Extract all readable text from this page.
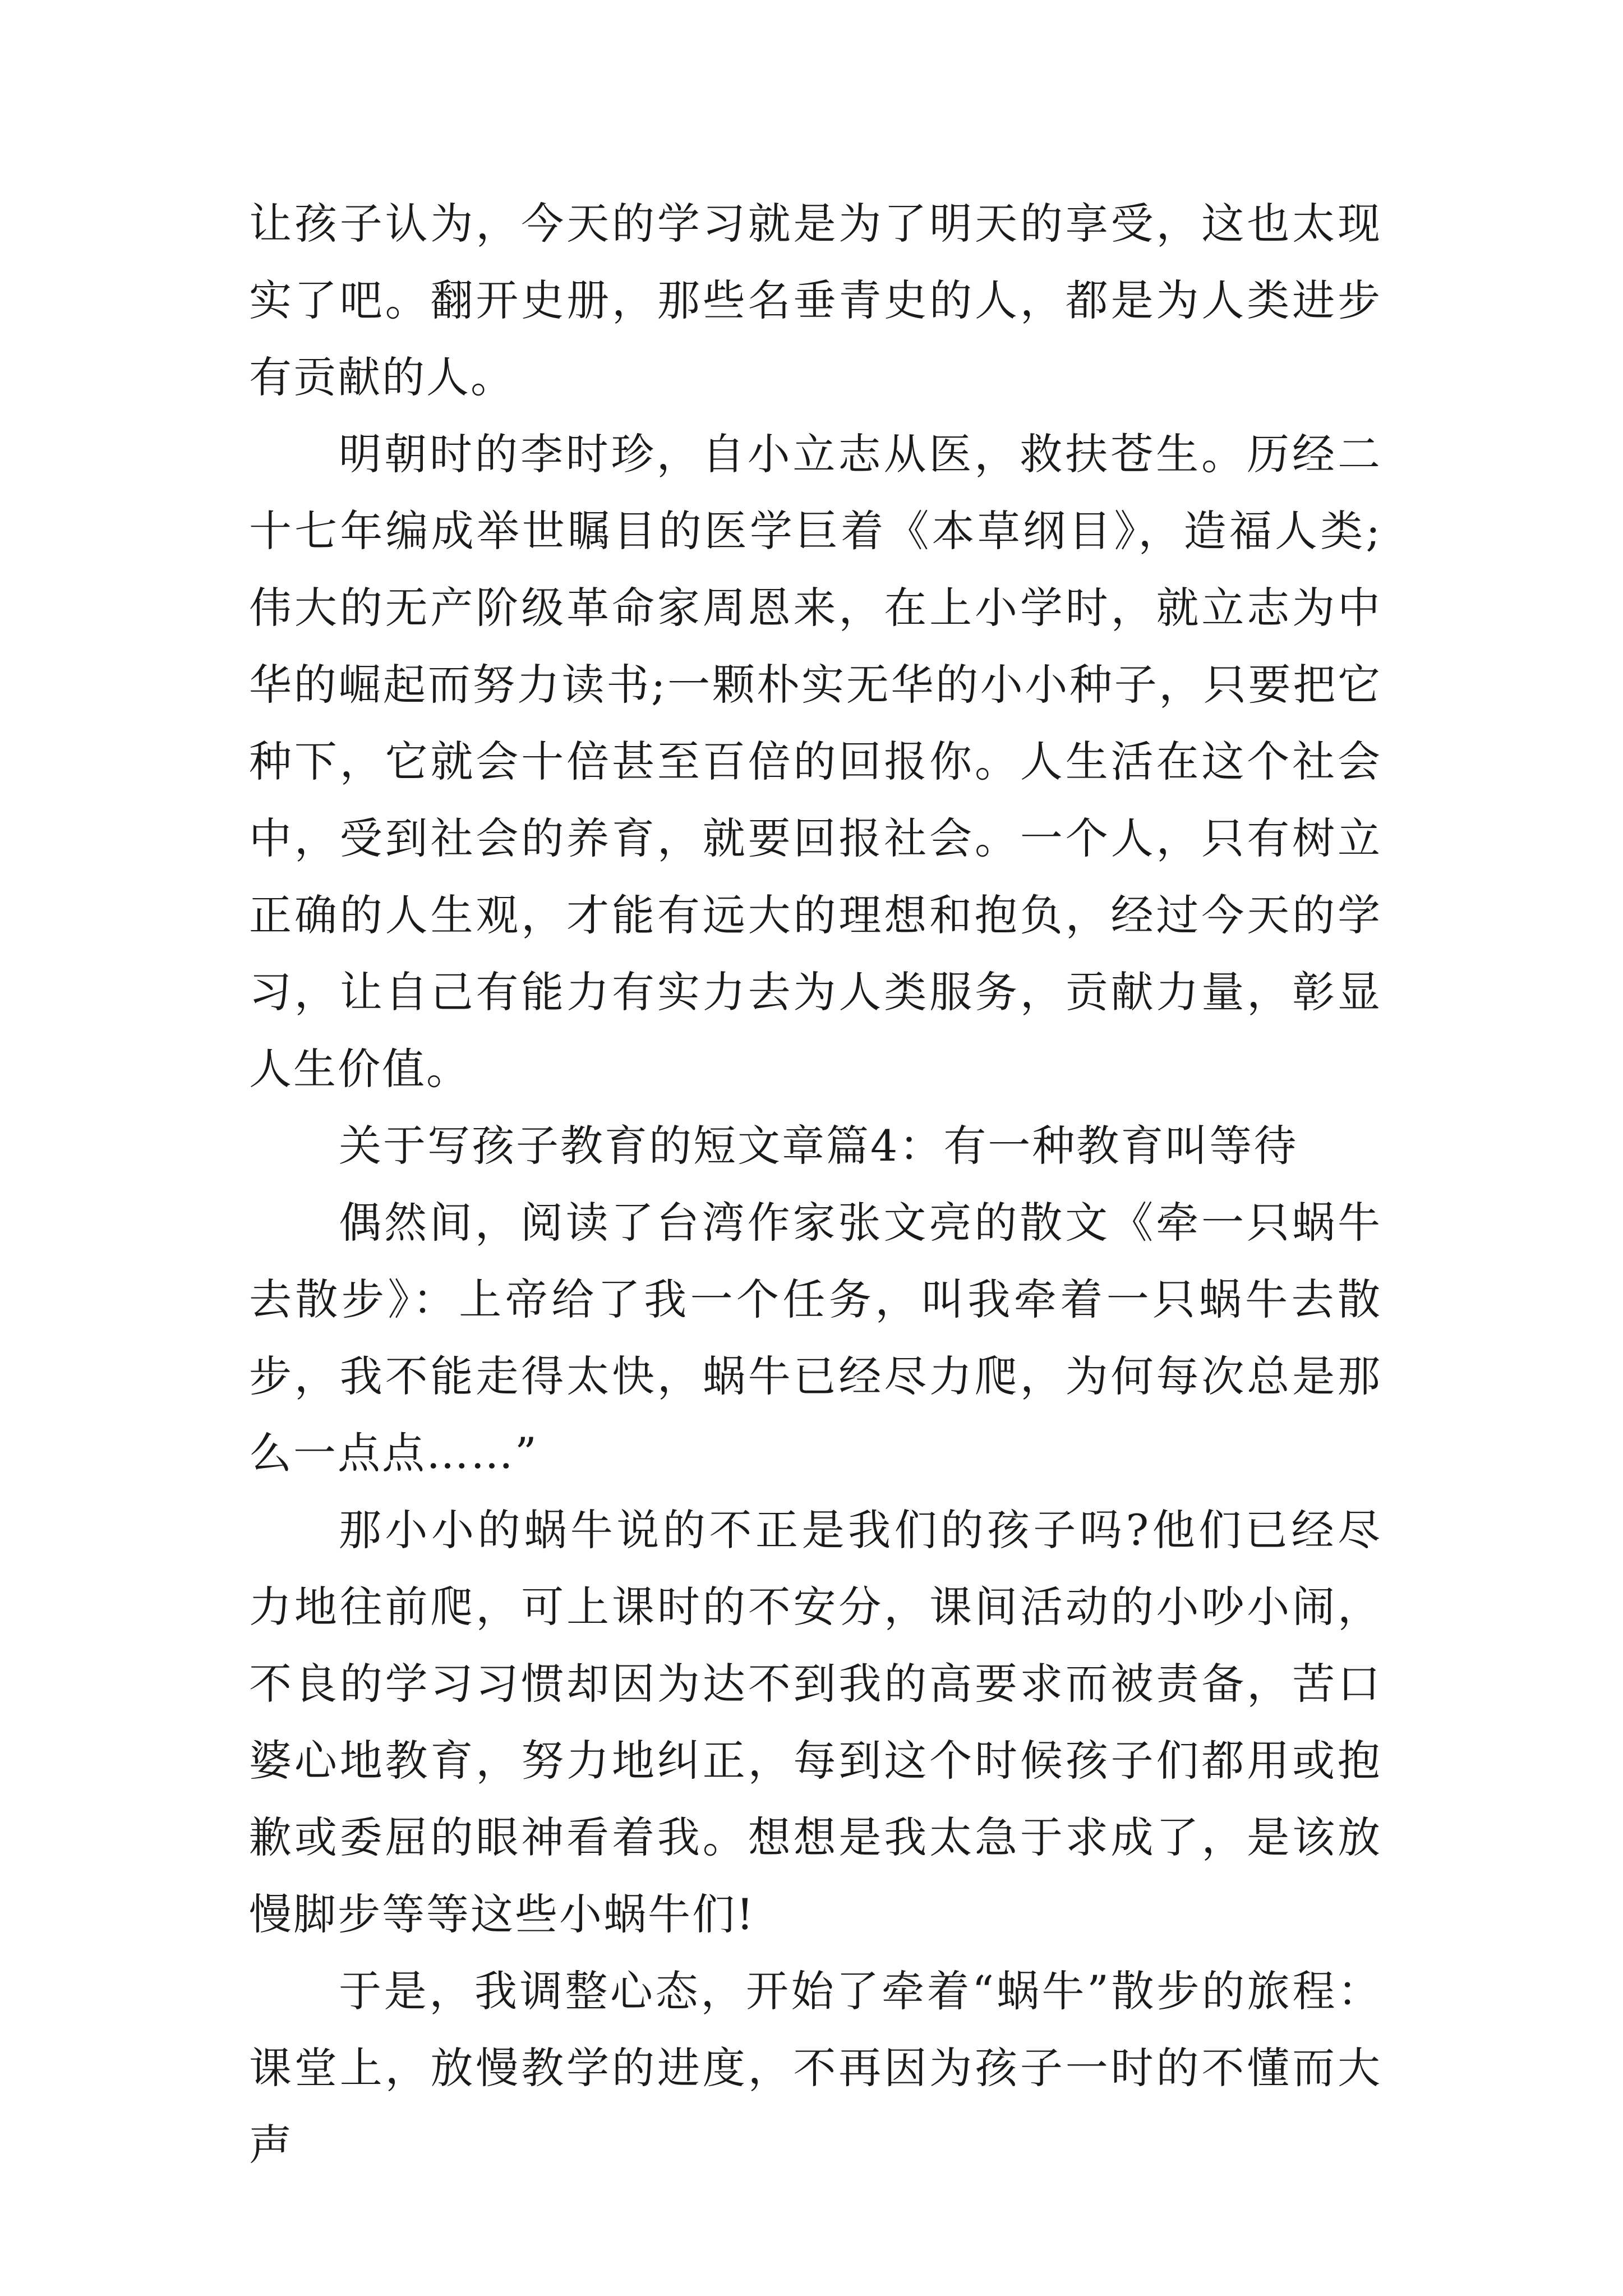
让孩子认为，今天的学习就是为了明天的享受，这也太现实了吧。翻开史册，那些名垂青史的人，都是为人类进步有贡献的人。

明朝时的李时珍，自小立志从医，救扶苍生。历经二十七年编成举世瞩目的医学巨着《本草纲目》，造福人类;伟大的无产阶级革命家周恩来，在上小学时，就立志为中华的崛起而努力读书;一颗朴实无华的小小种子，只要把它种下，它就会十倍甚至百倍的回报你。人生活在这个社会中，受到社会的养育，就要回报社会。一个人，只有树立正确的人生观，才能有远大的理想和抱负，经过今天的学习，让自己有能力有实力去为人类服务，贡献力量，彰显人生价值。

关于写孩子教育的短文章篇4：有一种教育叫等待

偶然间，阅读了台湾作家张文亮的散文《牵一只蜗牛去散步》：上帝给了我一个任务，叫我牵着一只蜗牛去散步，我不能走得太快，蜗牛已经尽力爬，为何每次总是那么一点点……”

那小小的蜗牛说的不正是我们的孩子吗?他们已经尽力地往前爬，可上课时的不安分，课间活动的小吵小闹，不良的学习习惯却因为达不到我的高要求而被责备，苦口婆心地教育，努力地纠正，每到这个时候孩子们都用或抱歉或委屈的眼神看着我。想想是我太急于求成了，是该放慢脚步等等这些小蜗牛们!

于是，我调整心态，开始了牵着“蜗牛”散步的旅程：课堂上，放慢教学的进度，不再因为孩子一时的不懂而大声
